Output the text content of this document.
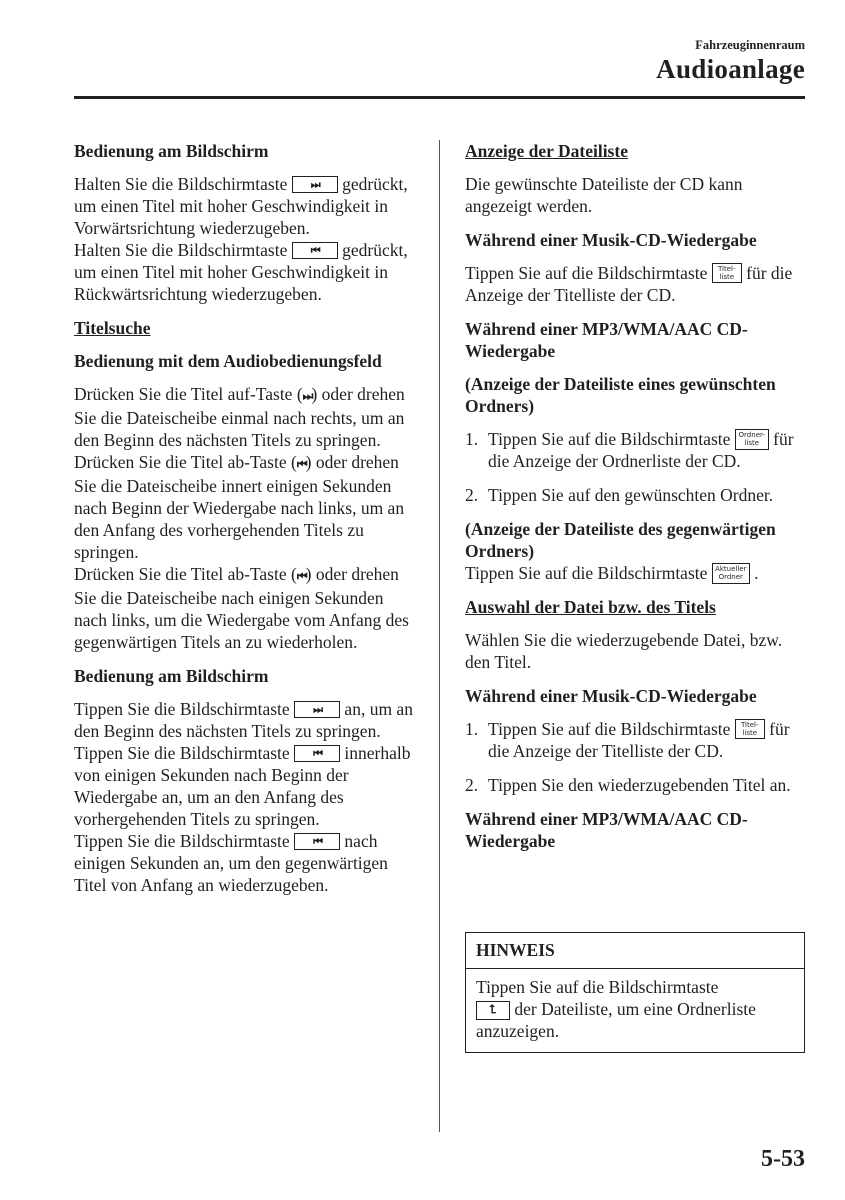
Fahrzeuginnenraum
Audioanlage
Bedienung am Bildschirm
Halten Sie die Bildschirmtaste	⏭	gedrückt, um einen Titel mit hoher Geschwindigkeit in Vorwärtsrichtung wiederzugeben.
Halten Sie die Bildschirmtaste	⏮	gedrückt, um einen Titel mit hoher Geschwindigkeit in Rückwärtsrichtung wiederzugeben.
Titelsuche
Bedienung mit dem Audiobedienungsfeld
Drücken Sie die Titel auf-Taste (⏭) oder drehen Sie die Dateischeibe einmal nach rechts, um an den Beginn des nächsten Titels zu springen.
Drücken Sie die Titel ab-Taste (⏮) oder drehen Sie die Dateischeibe innert einigen Sekunden nach Beginn der Wiedergabe nach links, um an den Anfang des vorhergehenden Titels zu springen.
Drücken Sie die Titel ab-Taste (⏮) oder drehen Sie die Dateischeibe nach einigen Sekunden nach links, um die Wiedergabe vom Anfang des gegenwärtigen Titels an zu wiederholen.
Bedienung am Bildschirm
Tippen Sie die Bildschirmtaste	⏭	an, um an den Beginn des nächsten Titels zu springen.
Tippen Sie die Bildschirmtaste	⏮	innerhalb von einigen Sekunden nach Beginn der Wiedergabe an, um an den Anfang des vorhergehenden Titels zu springen.
Tippen Sie die Bildschirmtaste	⏮	nach einigen Sekunden an, um den gegenwärtigen Titel von Anfang an wiederzugeben.
Anzeige der Dateiliste
Die gewünschte Dateiliste der CD kann angezeigt werden.
Während einer Musik-CD-Wiedergabe
Tippen Sie auf die Bildschirmtaste	Titel-
liste für die Anzeige der Titelliste der CD.
Während einer MP3/WMA/AAC CD-Wiedergabe
(Anzeige der Dateiliste eines gewünschten Ordners)
1. Tippen Sie auf die Bildschirmtaste	Ordner-
liste für die Anzeige der Ordnerliste der CD.
2. Tippen Sie auf den gewünschten Ordner.
(Anzeige der Dateiliste des gegenwärtigen Ordners)
Tippen Sie auf die Bildschirmtaste	Aktueller
Ordner .
Auswahl der Datei bzw. des Titels
Wählen Sie die wiederzugebende Datei, bzw. den Titel.
Während einer Musik-CD-Wiedergabe
1. Tippen Sie auf die Bildschirmtaste	Titel-
liste für die Anzeige der Titelliste der CD.
2. Tippen Sie den wiederzugebenden Titel an.
Während einer MP3/WMA/AAC CD-Wiedergabe
HINWEIS
Tippen Sie auf die Bildschirmtaste

⮤	der Dateiliste, um eine Ordnerliste anzuzeigen.
5-53
